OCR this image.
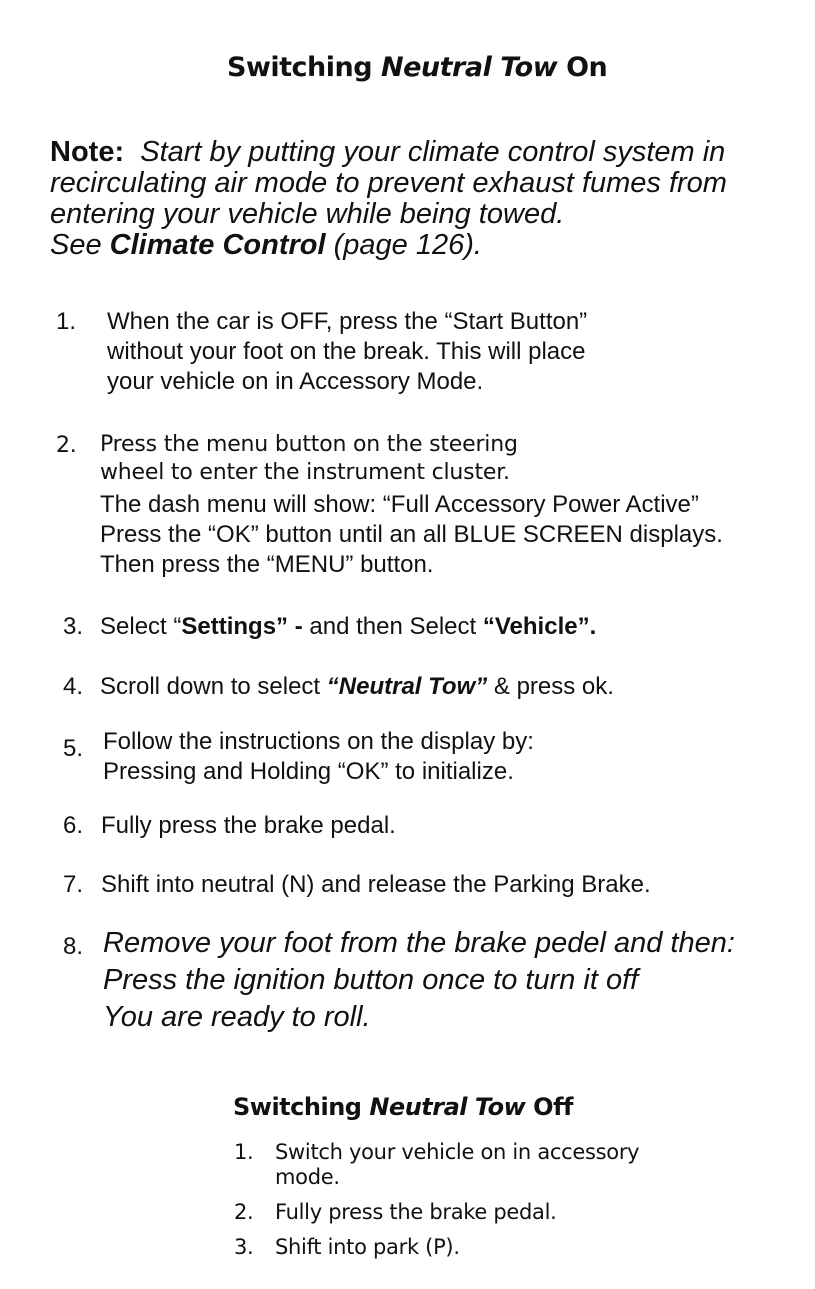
Switching Neutral Tow On
Note: Start by putting your climate control system in
recirculating air mode to prevent exhaust fumes from
entering your vehicle while being towed.
See Climate Control (page 126).
1. When the car is OFF, press the “Start Button”
without your foot on the break. This will place
your vehicle on in Accessory Mode.
2. Press the menu button on the steering
wheel to enter the instrument cluster.
The dash menu will show: “Full Accessory Power Active”
Press the “OK” button until an all BLUE SCREEN displays.
Then press the “MENU” button.
3. Select “Settings” - and then Select “Vehicle”.
4. Scroll down to select “Neutral Tow” & press ok.
5. Follow the instructions on the display by:
Pressing and Holding “OK” to initialize.
6. Fully press the brake pedal.
7. Shift into neutral (N) and release the Parking Brake.
8. Remove your foot from the brake pedel and then:
Press the ignition button once to turn it off
You are ready to roll.
Switching Neutral Tow Off
1. Switch your vehicle on in accessory
mode.
2. Fully press the brake pedal.
3. Shift into park (P).
